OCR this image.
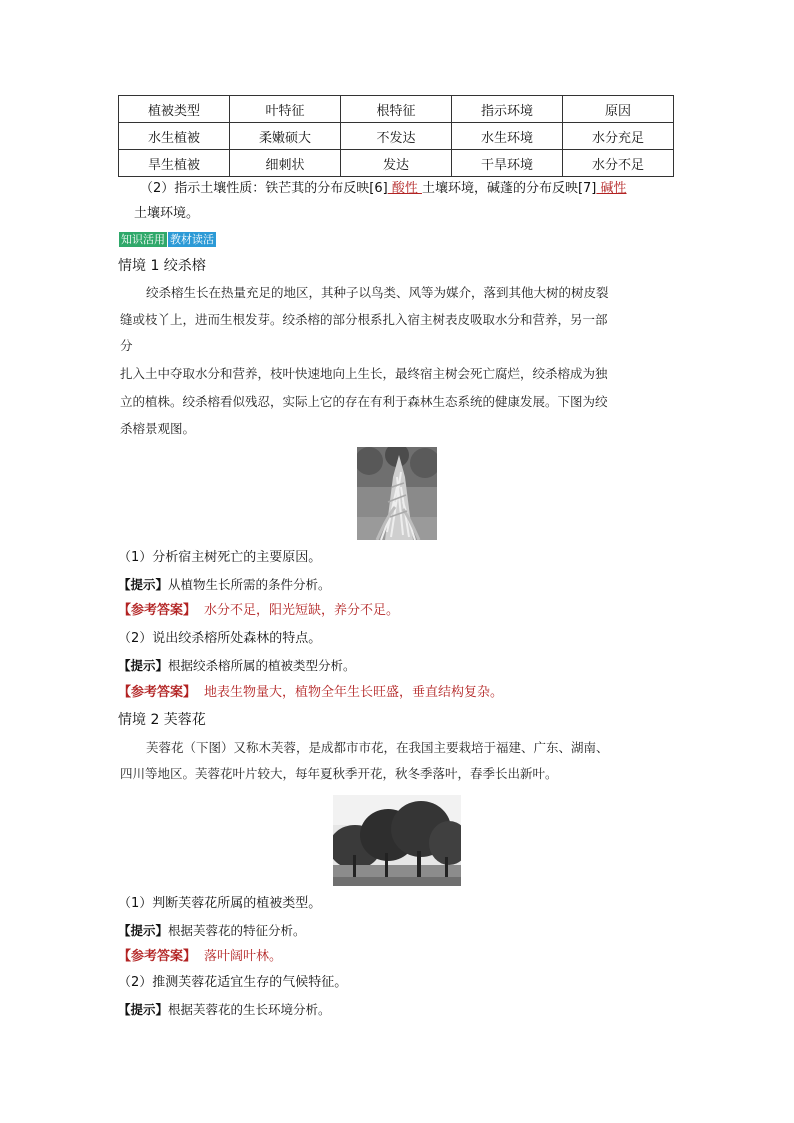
植被类型	叶特征	根特征	指示环境	原因
水生植被	柔嫩硕大	不发达	水生环境	水分充足
旱生植被	细刺状	发达	干旱环境	水分不足
（2）指示土壤性质：铁芒萁的分布反映[6] 酸性 土壤环境，碱蓬的分布反映[7] 碱性
土壤环境。
知识活用 教材读活
情境 1 绞杀榕
绞杀榕生长在热量充足的地区，其种子以鸟类、风等为媒介，落到其他大树的树皮裂
缝或枝丫上，进而生根发芽。绞杀榕的部分根系扎入宿主树表皮吸取水分和营养，另一部
分
扎入土中夺取水分和营养，枝叶快速地向上生长，最终宿主树会死亡腐烂，绞杀榕成为独
立的植株。绞杀榕看似残忍，实际上它的存在有利于森林生态系统的健康发展。下图为绞
杀榕景观图。
（1）分析宿主树死亡的主要原因。
【提示】从植物生长所需的条件分析。
【参考答案】 水分不足，阳光短缺，养分不足。
（2）说出绞杀榕所处森林的特点。
【提示】根据绞杀榕所属的植被类型分析。
【参考答案】 地表生物量大，植物全年生长旺盛，垂直结构复杂。
情境 2 芙蓉花
芙蓉花（下图）又称木芙蓉，是成都市市花，在我国主要栽培于福建、广东、湖南、
四川等地区。芙蓉花叶片较大，每年夏秋季开花，秋冬季落叶，春季长出新叶。
（1）判断芙蓉花所属的植被类型。
【提示】根据芙蓉花的特征分析。
【参考答案】 落叶阔叶林。
（2）推测芙蓉花适宜生存的气候特征。
【提示】根据芙蓉花的生长环境分析。
